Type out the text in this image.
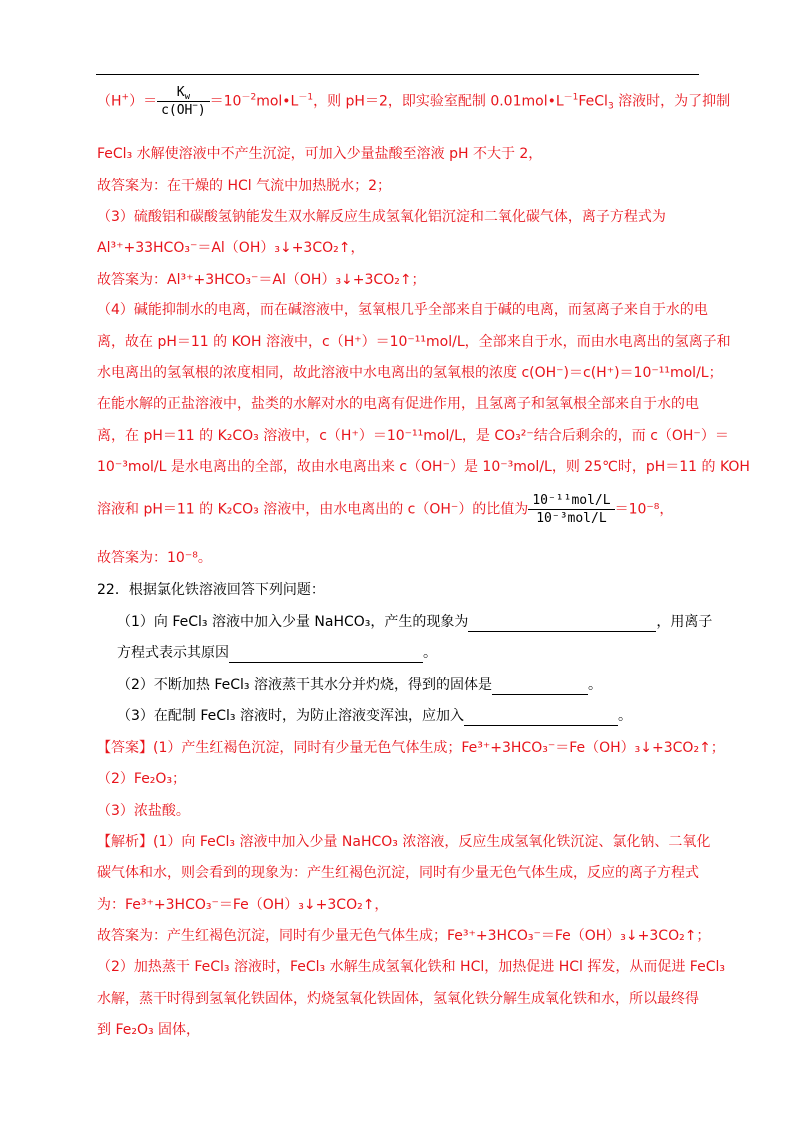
$(H^+)= \frac{K_w}{c(OH^-)}$ $=10^{-2}mol•L^{-1}$，则 pH＝2，即实验室配制 $0.01mol•L^{-1}FeCl_3$ 溶液时，为了抑制
FeCl₃ 水解使溶液中不产生沉淀，可加入少量盐酸至溶液 pH 不大于 2，
故答案为：在干燥的 HCl 气流中加热脱水；2；
（3）硫酸铝和碳酸氢钠能发生双水解反应生成氢氧化铝沉淀和二氧化碳气体，离子方程式为
Al³⁺+33HCO₃⁻＝Al（OH）₃↓+3CO₂↑，
故答案为：Al³⁺+3HCO₃⁻＝Al（OH）₃↓+3CO₂↑；
（4）碱能抑制水的电离，而在碱溶液中，氢氧根几乎全部来自于碱的电离，而氢离子来自于水的电
离，故在 pH＝11 的 KOH 溶液中，c（H⁺）＝10⁻¹¹mol/L，全部来自于水，而由水电离出的氢离子和
水电离出的氢氧根的浓度相同，故此溶液中水电离出的氢氧根的浓度 c(OH⁻)＝c(H⁺)＝10⁻¹¹mol/L；
在能水解的正盐溶液中，盐类的水解对水的电离有促进作用，且氢离子和氢氧根全部来自于水的电
离，在 pH＝11 的 K₂CO₃ 溶液中，c（H⁺）＝10⁻¹¹mol/L，是 CO₃²⁻结合后剩余的，而 c（OH⁻）＝
10⁻³mol/L 是水电离出的全部，故由水电离出来 c（OH⁻）是 10⁻³mol/L，则 25℃时，pH＝11 的 KOH
溶液和 pH＝11 的 K₂CO₃ 溶液中，由水电离出的 c（OH⁻）的比值为 $\frac{\text{10⁻¹¹mol/L}}{\text{10⁻³mol/L}} =10^{-8}$，
故答案为：10⁻⁸。
22．根据氯化铁溶液回答下列问题：
（1）向 FeCl₃ 溶液中加入少量 NaHCO₃，产生的现象为	，用离子
方程式表示其原因	。
（2）不断加热 FeCl₃ 溶液蒸干其水分并灼烧，得到的固体是	。
（3）在配制 FeCl₃ 溶液时，为防止溶液变浑浊，应加入	。
【答案】(1）产生红褐色沉淀，同时有少量无色气体生成；Fe³⁺+3HCO₃⁻＝Fe（OH）₃↓+3CO₂↑；
（2）Fe₂O₃；
（3）浓盐酸。
【解析】(1）向 FeCl₃ 溶液中加入少量 NaHCO₃ 浓溶液，反应生成氢氧化铁沉淀、氯化钠、二氧化
碳气体和水，则会看到的现象为：产生红褐色沉淀，同时有少量无色气体生成，反应的离子方程式
为：Fe³⁺+3HCO₃⁻＝Fe（OH）₃↓+3CO₂↑，
故答案为：产生红褐色沉淀，同时有少量无色气体生成；Fe³⁺+3HCO₃⁻＝Fe（OH）₃↓+3CO₂↑；
（2）加热蒸干 FeCl₃ 溶液时，FeCl₃ 水解生成氢氧化铁和 HCl，加热促进 HCl 挥发，从而促进 FeCl₃
水解，蒸干时得到氢氧化铁固体，灼烧氢氧化铁固体，氢氧化铁分解生成氧化铁和水，所以最终得
到 Fe₂O₃ 固体，
